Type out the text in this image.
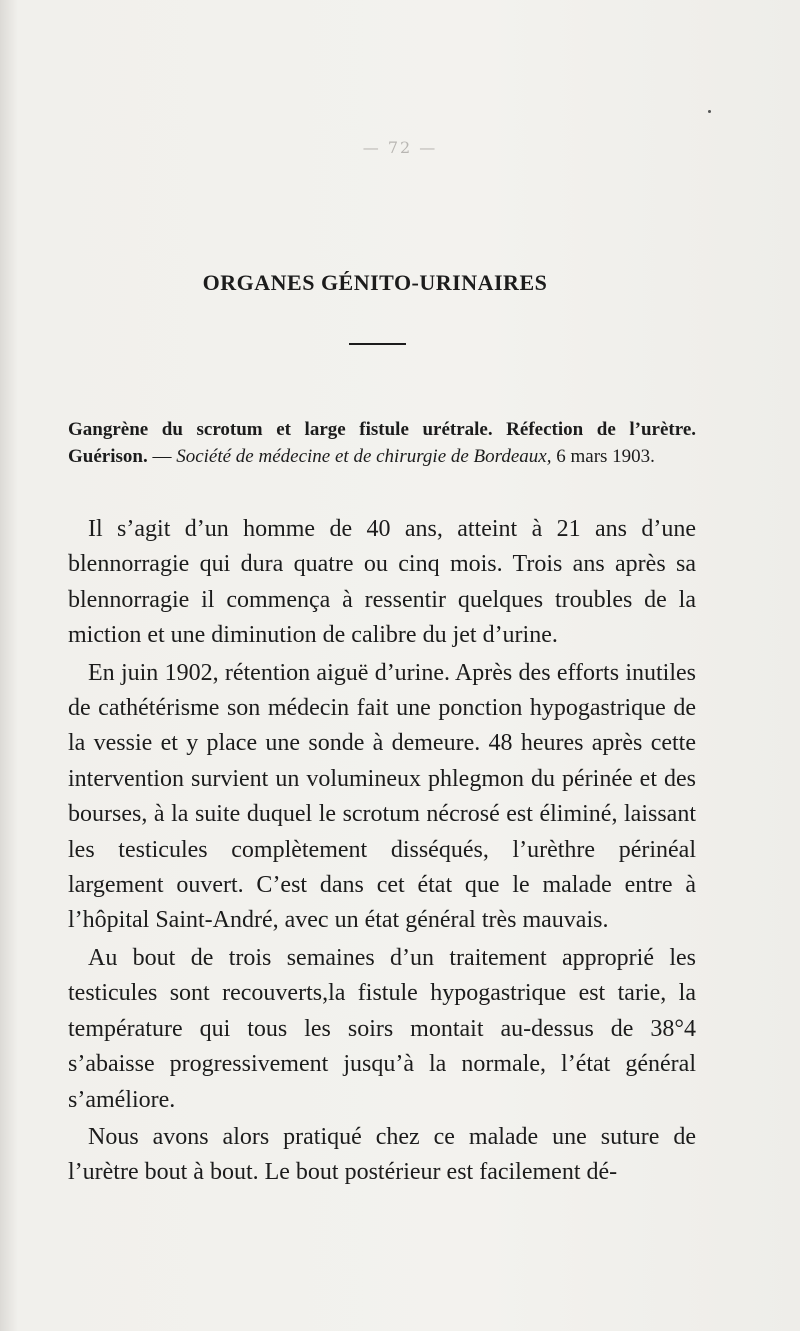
— 72 —
ORGANES GÉNITO-URINAIRES
Gangrène du scrotum et large fistule urétrale. Réfection de l’urètre. Guérison. — Société de médecine et de chirurgie de Bordeaux, 6 mars 1903.

Il s’agit d’un homme de 40 ans, atteint à 21 ans d’une blennorragie qui dura quatre ou cinq mois. Trois ans après sa blennorragie il commença à ressentir quelques troubles de la miction et une diminution de calibre du jet d’urine.

En juin 1902, rétention aiguë d’urine. Après des efforts inutiles de cathétérisme son médecin fait une ponction hypogastrique de la vessie et y place une sonde à demeure. 48 heures après cette intervention survient un volumineux phlegmon du périnée et des bourses, à la suite duquel le scrotum nécrosé est éliminé, laissant les testicules complètement disséqués, l’urèthre périnéal largement ouvert. C’est dans cet état que le malade entre à l’hôpital Saint-André, avec un état général très mauvais.

Au bout de trois semaines d’un traitement approprié les testicules sont recouverts,la fistule hypogastrique est tarie, la température qui tous les soirs montait au-dessus de 38°4 s’abaisse progressivement jusqu’à la normale, l’état général s’améliore.

Nous avons alors pratiqué chez ce malade une suture de l’urètre bout à bout. Le bout postérieur est facilement dé-
